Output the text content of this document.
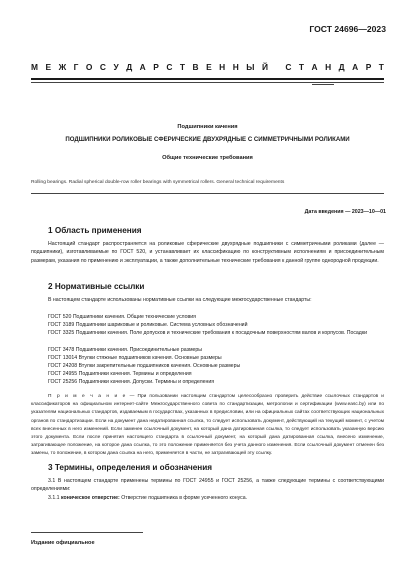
ГОСТ 24696—2023
М Е Ж Г О С У Д А Р С Т В Е Н Н Ы Й
С Т А Н Д А Р Т
Подшипники качения
ПОДШИПНИКИ РОЛИКОВЫЕ СФЕРИЧЕСКИЕ ДВУХРЯДНЫЕ С СИММЕТРИЧНЫМИ РОЛИКАМИ
Общие технические требования
Rolling bearings. Radial spherical double-row roller bearings with symmetrical rollers. General technical requirements
Дата введения — 2023—10—01
1 Область применения
Настоящий стандарт распространяется на роликовые сферические двухрядные подшипники с симметричными роликами (далее — подшипники), изготавливаемые по ГОСТ 520, и устанавливает их классификацию по конструктивным исполнениям и присоединительным размерам, указания по применению и эксплуатации, а также дополнительные технические требования к данной группе однородной продукции.
2 Нормативные ссылки
В настоящем стандарте использованы нормативные ссылки на следующие межгосударственные стандарты:
ГОСТ 520 Подшипники качения. Общие технические условия
ГОСТ 3189 Подшипники шариковые и роликовые. Система условных обозначений
ГОСТ 3325 Подшипники качения. Поле допусков и технические требования к посадочным поверхностям валов и корпусов. Посадки
ГОСТ 3478 Подшипники качения. Присоединительные размеры
ГОСТ 13014 Втулки стяжные подшипников качения. Основные размеры
ГОСТ 24208 Втулки закрепительные подшипников качения. Основные размеры
ГОСТ 24955 Подшипники качения. Термины и определения
ГОСТ 25256 Подшипники качения. Допуски. Термины и определения
П р и м е ч а н и е — При пользовании настоящим стандартом целесообразно проверить действие ссылочных стандартов и классификаторов на официальном интернет-сайте Межгосударственного совета по стандартизации, метрологии и сертификации (www.easc.by) или по указателям национальных стандартов, издаваемым в государствах, указанных в предисловии, или на официальных сайтах соответствующих национальных органов по стандартизации. Если на документ дана недатированная ссылка, то следует использовать документ, действующий на текущий момент, с учетом всех внесенных в него изменений. Если заменен ссылочный документ, на который дана датированная ссылка, то следует использовать указанную версию этого документа. Если после принятия настоящего стандарта в ссылочный документ, на который дана датированная ссылка, внесено изменение, затрагивающее положение, на которое дана ссылка, то это положение применяется без учета данного изменения. Если ссылочный документ отменен без замены, то положение, в котором дана ссылка на него, применяется в части, не затрагивающей эту ссылку.
3 Термины, определения и обозначения
3.1 В настоящем стандарте применены термины по ГОСТ 24955 и ГОСТ 25256, а также следующие термины с соответствующими определениями:
3.1.1 коническое отверстие: Отверстие подшипника в форме усеченного конуса.
Издание официальное
